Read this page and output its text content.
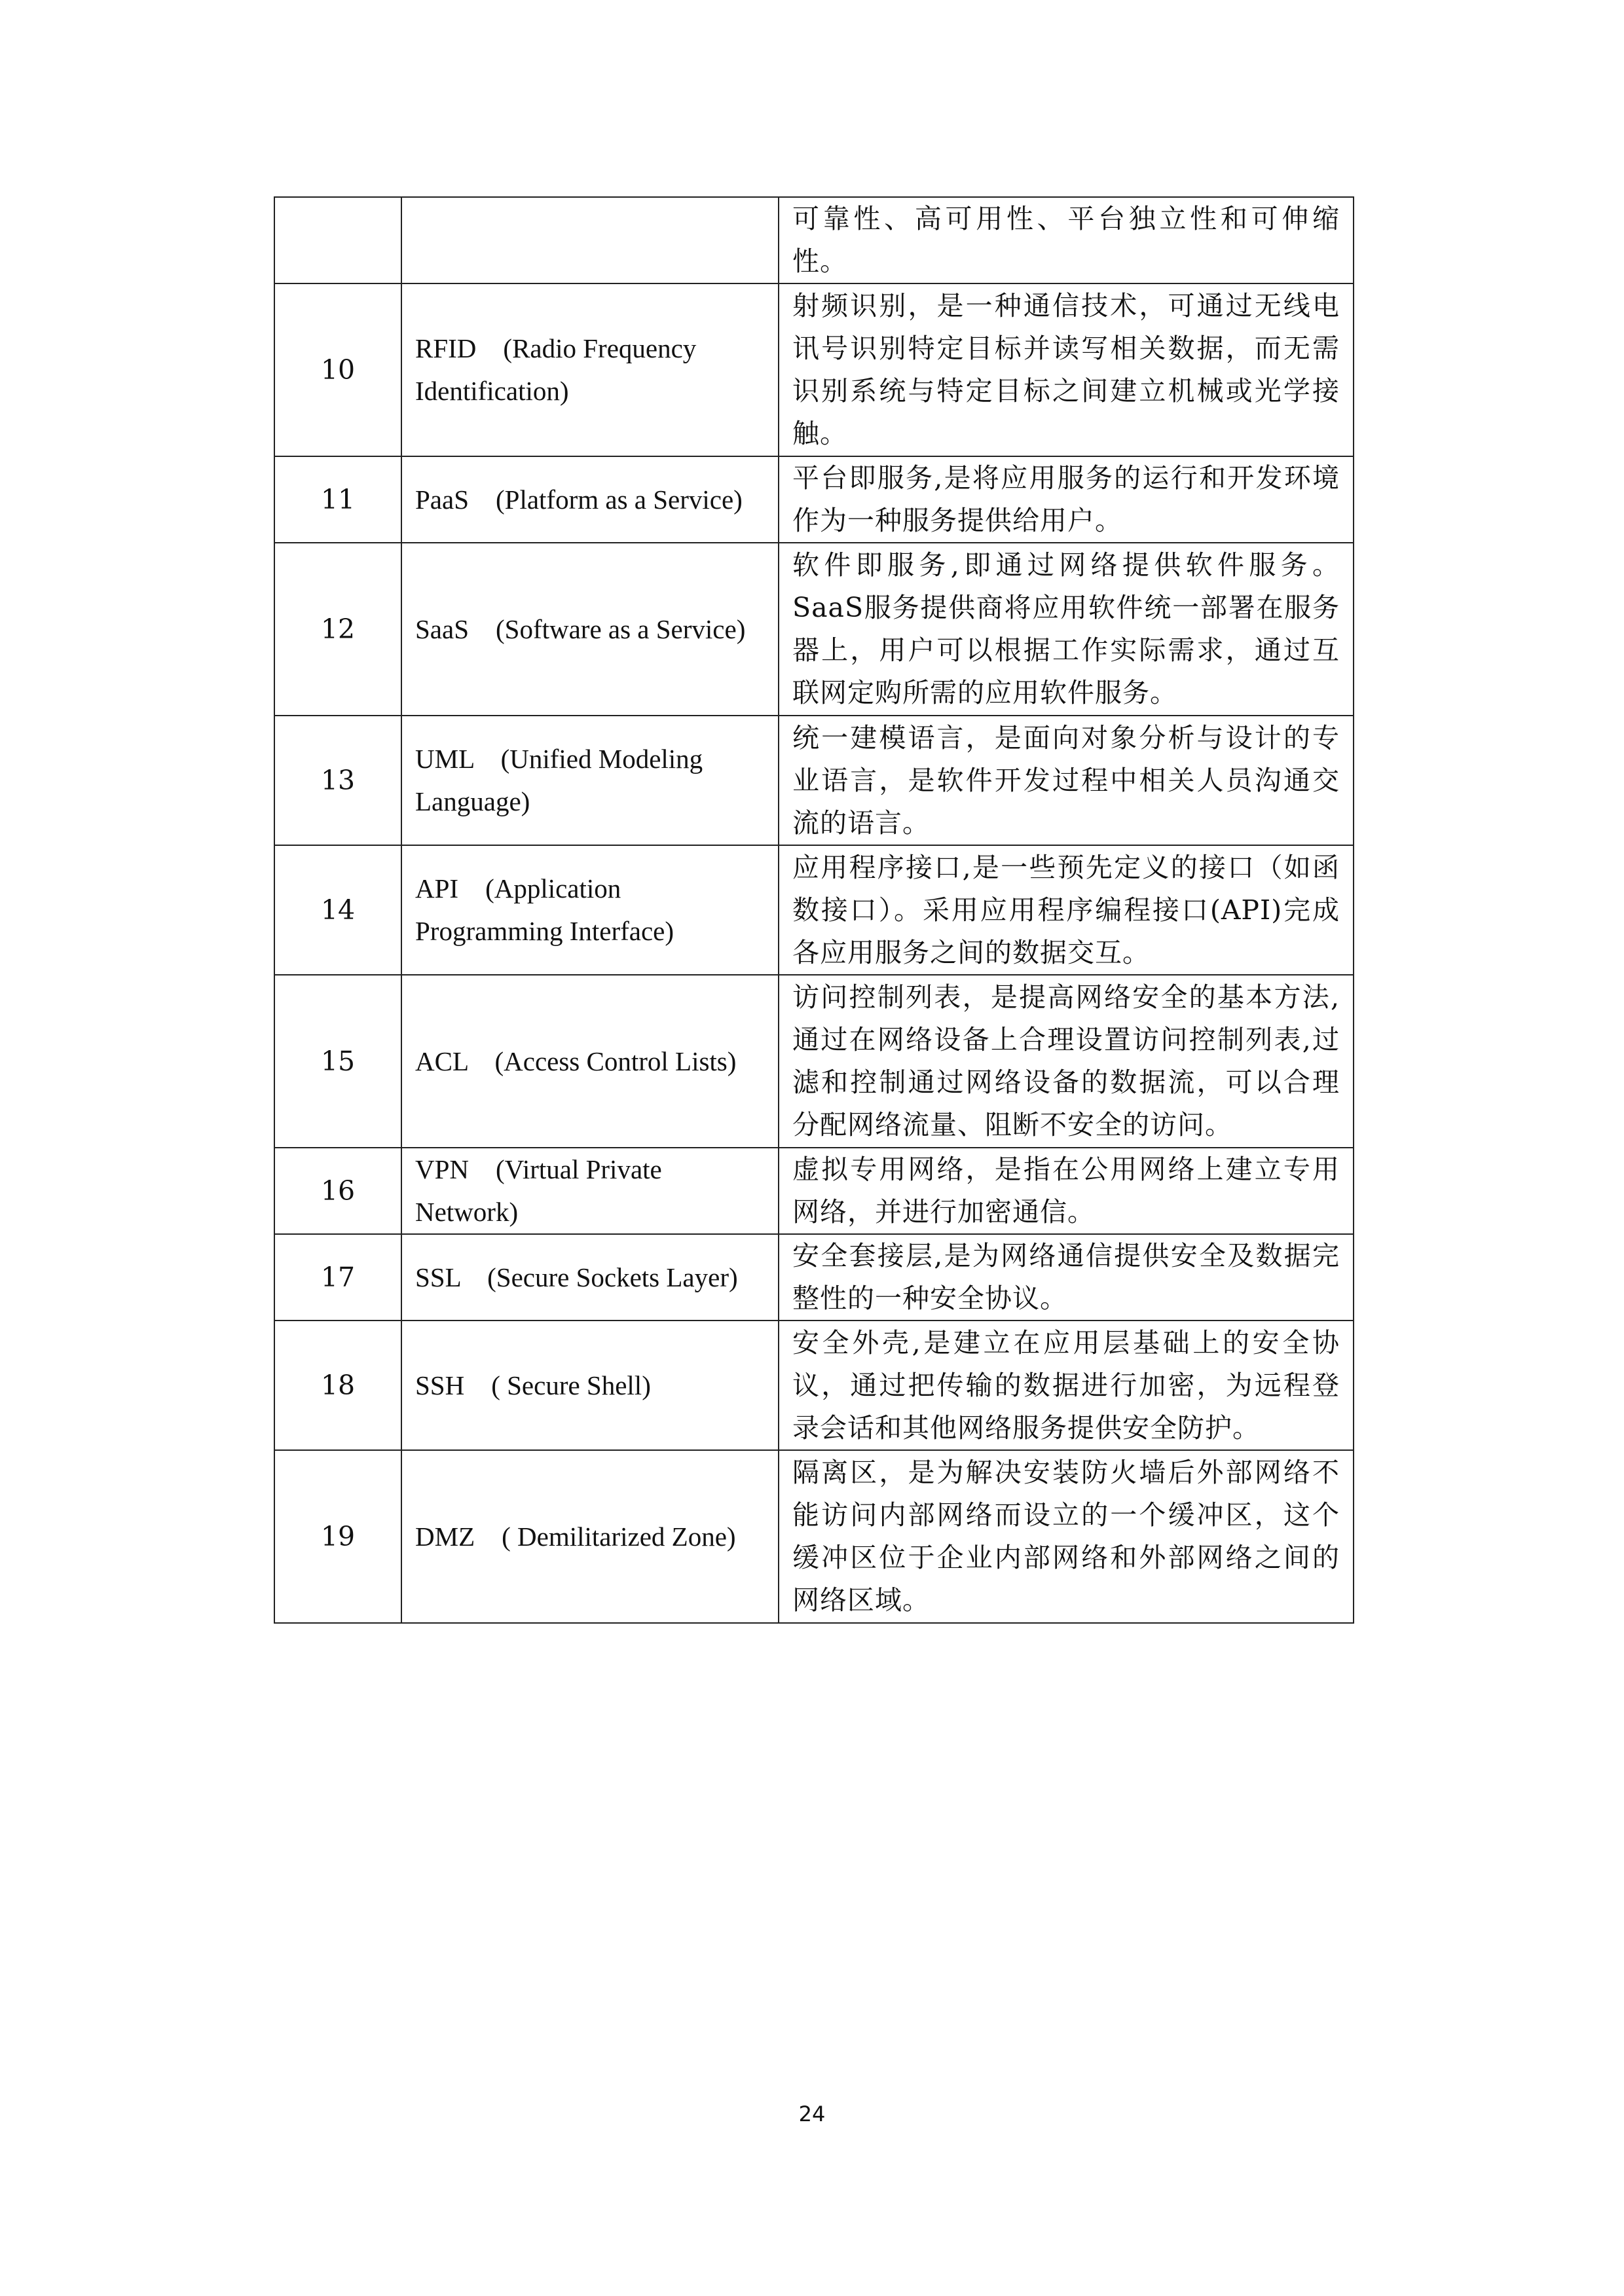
		可靠性、高可用性、平台独立性和可伸缩性。
10	RFID　(Radio Frequency Identification)	射频识别，是一种通信技术，可通过无线电讯号识别特定目标并读写相关数据，而无需识别系统与特定目标之间建立机械或光学接触。
11	PaaS　(Platform as a Service)	平台即服务,是将应用服务的运行和开发环境作为一种服务提供给用户。
12	SaaS　(Software as a Service)	软件即服务,即通过网络提供软件服务。SaaS服务提供商将应用软件统一部署在服务器上，用户可以根据工作实际需求，通过互联网定购所需的应用软件服务。
13	UML　(Unified Modeling Language)	统一建模语言，是面向对象分析与设计的专业语言，是软件开发过程中相关人员沟通交流的语言。
14	API　(Application Programming Interface)	应用程序接口,是一些预先定义的接口（如函数接口）。采用应用程序编程接口(API)完成各应用服务之间的数据交互。
15	ACL　(Access Control Lists)	访问控制列表，是提高网络安全的基本方法,通过在网络设备上合理设置访问控制列表,过滤和控制通过网络设备的数据流，可以合理分配网络流量、阻断不安全的访问。
16	VPN　(Virtual Private Network)	虚拟专用网络，是指在公用网络上建立专用网络，并进行加密通信。
17	SSL　(Secure Sockets Layer)	安全套接层,是为网络通信提供安全及数据完整性的一种安全协议。
18	SSH　( Secure Shell)	安全外壳,是建立在应用层基础上的安全协议，通过把传输的数据进行加密，为远程登录会话和其他网络服务提供安全防护。
19	DMZ　( Demilitarized Zone)	隔离区，是为解决安装防火墙后外部网络不能访问内部网络而设立的一个缓冲区，这个缓冲区位于企业内部网络和外部网络之间的网络区域。
24
